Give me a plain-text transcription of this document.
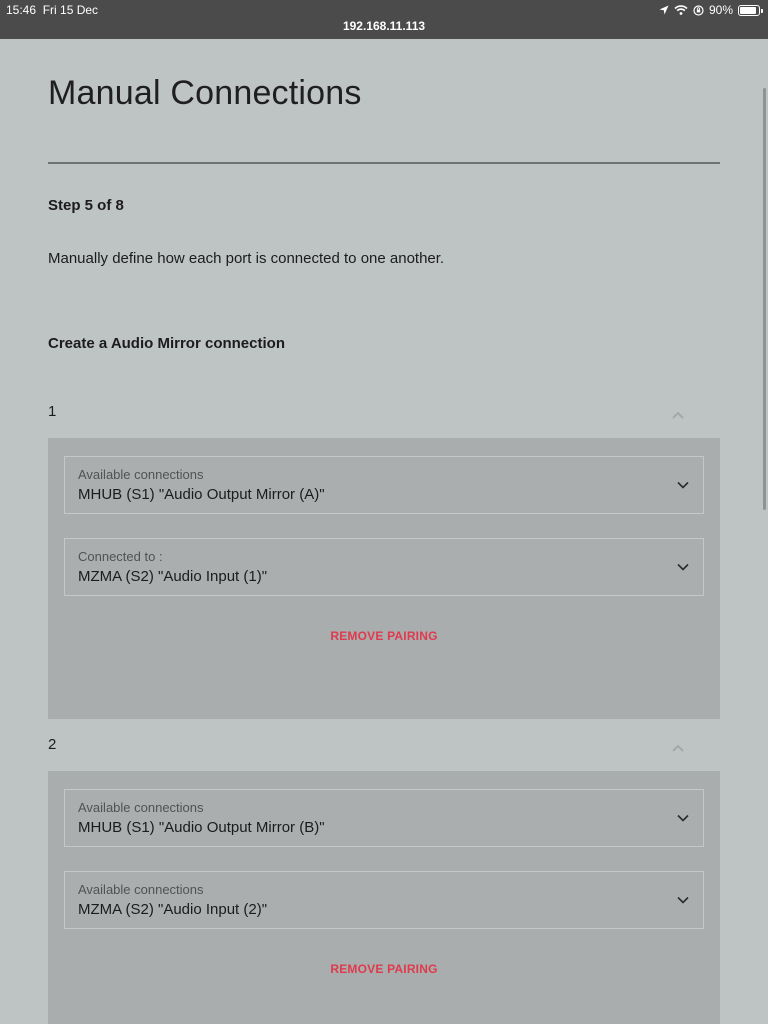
15:46 Fri 15 Dec
192.168.11.113
90%
Manual Connections
Step 5 of 8
Manually define how each port is connected to one another.
Create a Audio Mirror connection
1
Available connections
MHUB (S1) "Audio Output Mirror (A)"
Connected to :
MZMA (S2) "Audio Input (1)"
REMOVE PAIRING
2
Available connections
MHUB (S1) "Audio Output Mirror (B)"
Available connections
MZMA (S2) "Audio Input (2)"
REMOVE PAIRING
